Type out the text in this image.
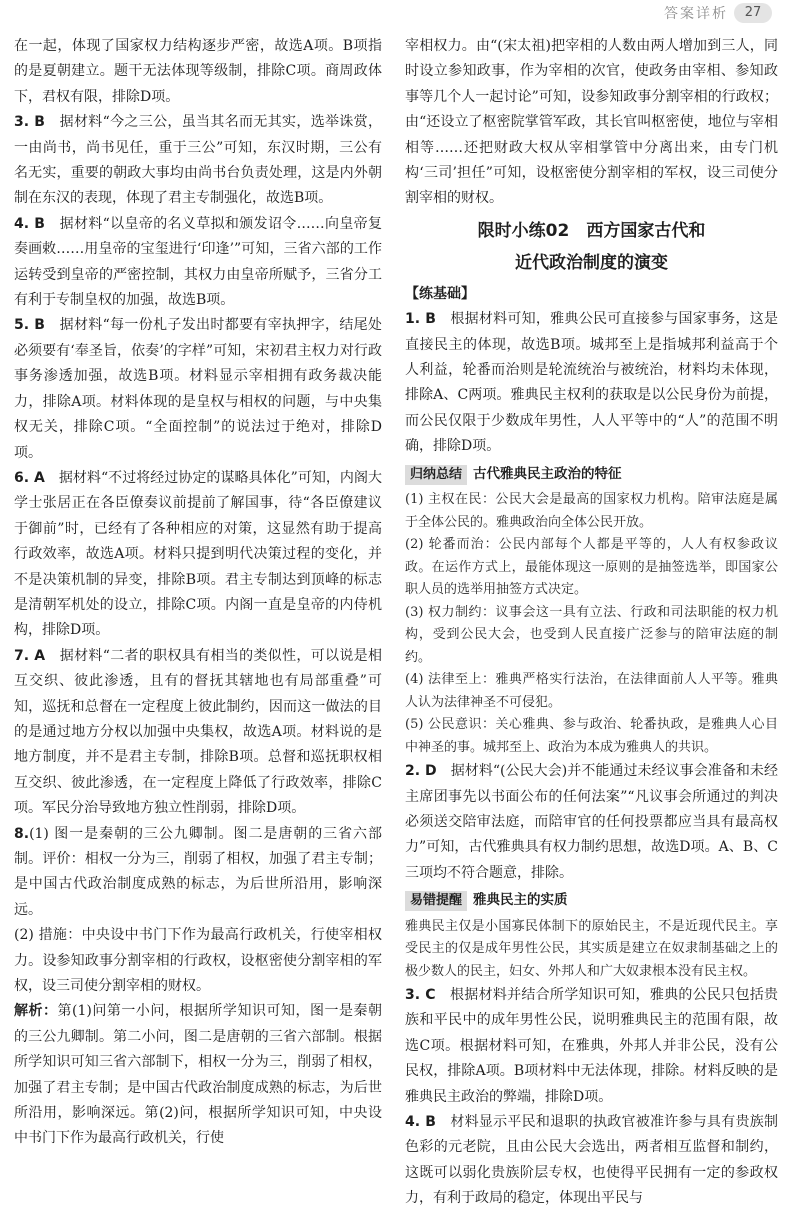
答案详析	27

在一起，体现了国家权力结构逐步严密，故选A项。B项指的是夏朝建立。题干无法体现等级制，排除C项。商周政体下，君权有限，排除D项。

3. B　 据材料“今之三公，虽当其名而无其实，选举诛赏，一由尚书，尚书见任，重于三公”可知，东汉时期，三公有名无实，重要的朝政大事均由尚书台负责处理，这是内外朝制在东汉的表现，体现了君主专制强化，故选B项。

4. B　 据材料“以皇帝的名义草拟和颁发诏令……向皇帝复奏画敕……用皇帝的宝玺进行‘印逢’”可知，三省六部的工作运转受到皇帝的严密控制，其权力由皇帝所赋予，三省分工有利于专制皇权的加强，故选B项。

5. B　 据材料“每一份札子发出时都要有宰执押字，结尾处必须要有‘奉圣旨，依奏’的字样”可知，宋初君主权力对行政事务渗透加强，故选B项。材料显示宰相拥有政务裁决能力，排除A项。材料体现的是皇权与相权的问题，与中央集权无关，排除C项。“全面控制”的说法过于绝对，排除D项。

6. A　 据材料“不过将经过协定的谋略具体化”可知，内阁大学士张居正在各臣僚奏议前提前了解国事，待“各臣僚建议于御前”时，已经有了各种相应的对策，这显然有助于提高行政效率，故选A项。材料只提到明代决策过程的变化，并不是决策机制的异变，排除B项。君主专制达到顶峰的标志是清朝军机处的设立，排除C项。内阁一直是皇帝的内侍机构，排除D项。

7. A　 据材料“二者的职权具有相当的类似性，可以说是相互交织、彼此渗透，且有的督抚其辖地也有局部重叠”可知，巡抚和总督在一定程度上彼此制约，因而这一做法的目的是通过地方分权以加强中央集权，故选A项。材料说的是地方制度，并不是君主专制，排除B项。总督和巡抚职权相互交织、彼此渗透，在一定程度上降低了行政效率，排除C项。军民分治导致地方独立性削弱，排除D项。

8.(1) 图一是秦朝的三公九卿制。图二是唐朝的三省六部制。评价：相权一分为三，削弱了相权，加强了君主专制；是中国古代政治制度成熟的标志，为后世所沿用，影响深远。

(2) 措施：中央设中书门下作为最高行政机关，行使宰相权力。设参知政事分割宰相的行政权，设枢密使分割宰相的军权，设三司使分割宰相的财权。

解析：第(1)问第一小问，根据所学知识可知，图一是秦朝的三公九卿制。第二小问，图二是唐朝的三省六部制。根据所学知识可知三省六部制下，相权一分为三，削弱了相权，加强了君主专制；是中国古代政治制度成熟的标志，为后世所沿用，影响深远。第(2)问，根据所学知识可知，中央设中书门下作为最高行政机关，行使

宰相权力。由“(宋太祖)把宰相的人数由两人增加到三人，同时设立参知政事，作为宰相的次官，使政务由宰相、参知政事等几个人一起讨论”可知，设参知政事分割宰相的行政权；由“还设立了枢密院掌管军政，其长官叫枢密使，地位与宰相相等……还把财政大权从宰相掌管中分离出来，由专门机构‘三司’担任”可知，设枢密使分割宰相的军权，设三司使分割宰相的财权。

限时小练02　西方国家古代和
近代政治制度的演变
【练基础】

1. B　 根据材料可知，雅典公民可直接参与国家事务，这是直接民主的体现，故选B项。城邦至上是指城邦利益高于个人利益，轮番而治则是轮流统治与被统治，材料均未体现，排除A、C两项。雅典民主权利的获取是以公民身份为前提，而公民仅限于少数成年男性，人人平等中的“人”的范围不明确，排除D项。

归纳总结 古代雅典民主政治的特征

(1) 主权在民：公民大会是最高的国家权力机构。陪审法庭是属于全体公民的。雅典政治向全体公民开放。

(2) 轮番而治：公民内部每个人都是平等的，人人有权参政议政。在运作方式上，最能体现这一原则的是抽签选举，即国家公职人员的选举用抽签方式决定。

(3) 权力制约：议事会这一具有立法、行政和司法职能的权力机构，受到公民大会，也受到人民直接广泛参与的陪审法庭的制约。

(4) 法律至上：雅典严格实行法治，在法律面前人人平等。雅典人认为法律神圣不可侵犯。

(5) 公民意识：关心雅典、参与政治、轮番执政，是雅典人心目中神圣的事。城邦至上、政治为本成为雅典人的共识。

2. D　 据材料“(公民大会)并不能通过未经议事会准备和未经主席团事先以书面公布的任何法案”“凡议事会所通过的判决必须送交陪审法庭，而陪审官的任何投票都应当具有最高权力”可知，古代雅典具有权力制约思想，故选D项。A、B、C三项均不符合题意，排除。

易错提醒 雅典民主的实质

雅典民主仅是小国寡民体制下的原始民主，不是近现代民主。享受民主的仅是成年男性公民，其实质是建立在奴隶制基础之上的极少数人的民主，妇女、外邦人和广大奴隶根本没有民主权。

3. C　 根据材料并结合所学知识可知，雅典的公民只包括贵族和平民中的成年男性公民，说明雅典民主的范围有限，故选C项。根据材料可知，在雅典，外邦人并非公民，没有公民权，排除A项。B项材料中无法体现，排除。材料反映的是雅典民主政治的弊端，排除D项。

4. B　 材料显示平民和退职的执政官被准许参与具有贵族制色彩的元老院，且由公民大会选出，两者相互监督和制约，这既可以弱化贵族阶层专权，也使得平民拥有一定的参政权力，有利于政局的稳定，体现出平民与
